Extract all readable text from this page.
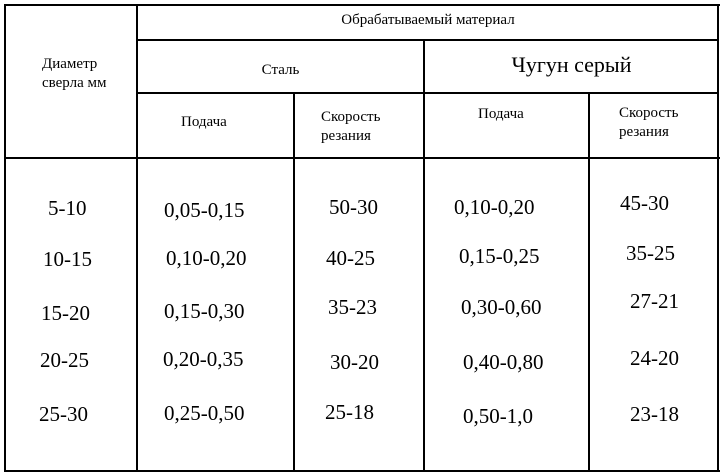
Диаметр сверла мм
Обрабатываемый материал
Сталь	Чугун серый
Подача	Скорость резания
Подача	Скорость резания
5-10	0,05-0,15	50-30	0,10-0,20	45-30
10-15	0,10-0,20	40-25	0,15-0,25	35-25
15-20	0,15-0,30	35-23	0,30-0,60	27-21
20-25	0,20-0,35	30-20	0,40-0,80	24-20
25-30	0,25-0,50	25-18	0,50-1,0	23-18
